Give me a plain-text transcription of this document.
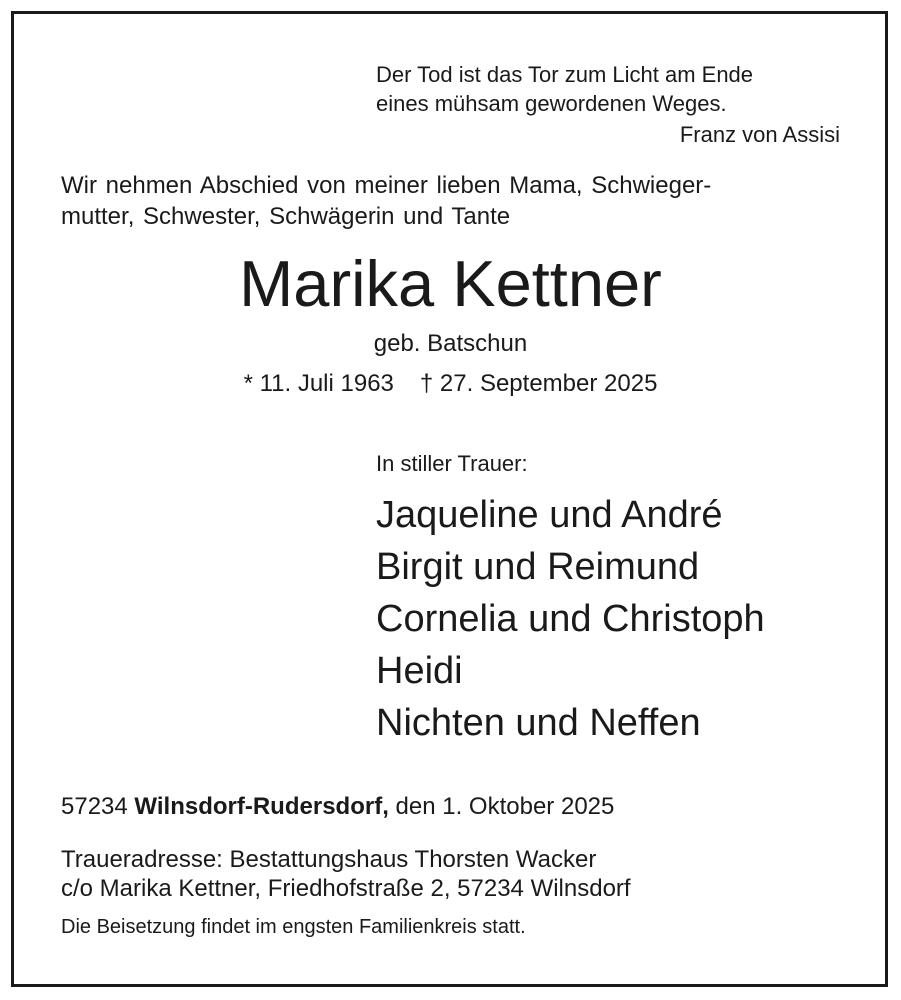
Der Tod ist das Tor zum Licht am Ende
eines mühsam gewordenen Weges.
Franz von Assisi
Wir nehmen Abschied von meiner lieben Mama, Schwieger-
mutter, Schwester, Schwägerin und Tante
Marika Kettner
geb. Batschun
* 11. Juli 1963 † 27. September 2025
In stiller Trauer:
Jaqueline und André
Birgit und Reimund
Cornelia und Christoph
Heidi
Nichten und Neffen
57234 Wilnsdorf-Rudersdorf, den 1. Oktober 2025
Traueradresse: Bestattungshaus Thorsten Wacker
c/o Marika Kettner, Friedhofstraße 2, 57234 Wilnsdorf
Die Beisetzung findet im engsten Familienkreis statt.
